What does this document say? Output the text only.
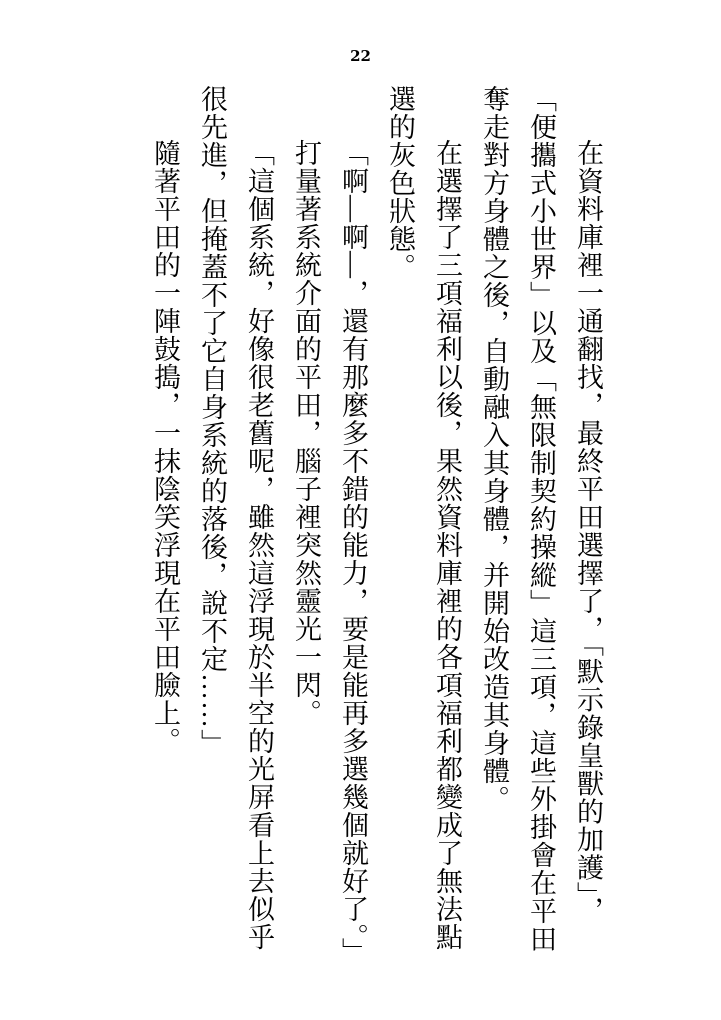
22

在資料庫裡一通翻找，最終平田選擇了，「默示錄皇獸的加護」，「便攜式小世界」以及「無限制契約操縱」這三項，這些外掛會在平田奪走對方身體之後，自動融入其身體，并開始改造其身體。

在選擇了三項福利以後，果然資料庫裡的各項福利都變成了無法點選的灰色狀態。

「啊—啊—，還有那麼多不錯的能力，要是能再多選幾個就好了。」

打量著系統介面的平田，腦子裡突然靈光一閃。

「這個系統，好像很老舊呢，雖然這浮現於半空的光屏看上去似乎很先進，但掩蓋不了它自身系統的落後，說不定……」

隨著平田的一陣鼓搗，一抹陰笑浮現在平田臉上。
